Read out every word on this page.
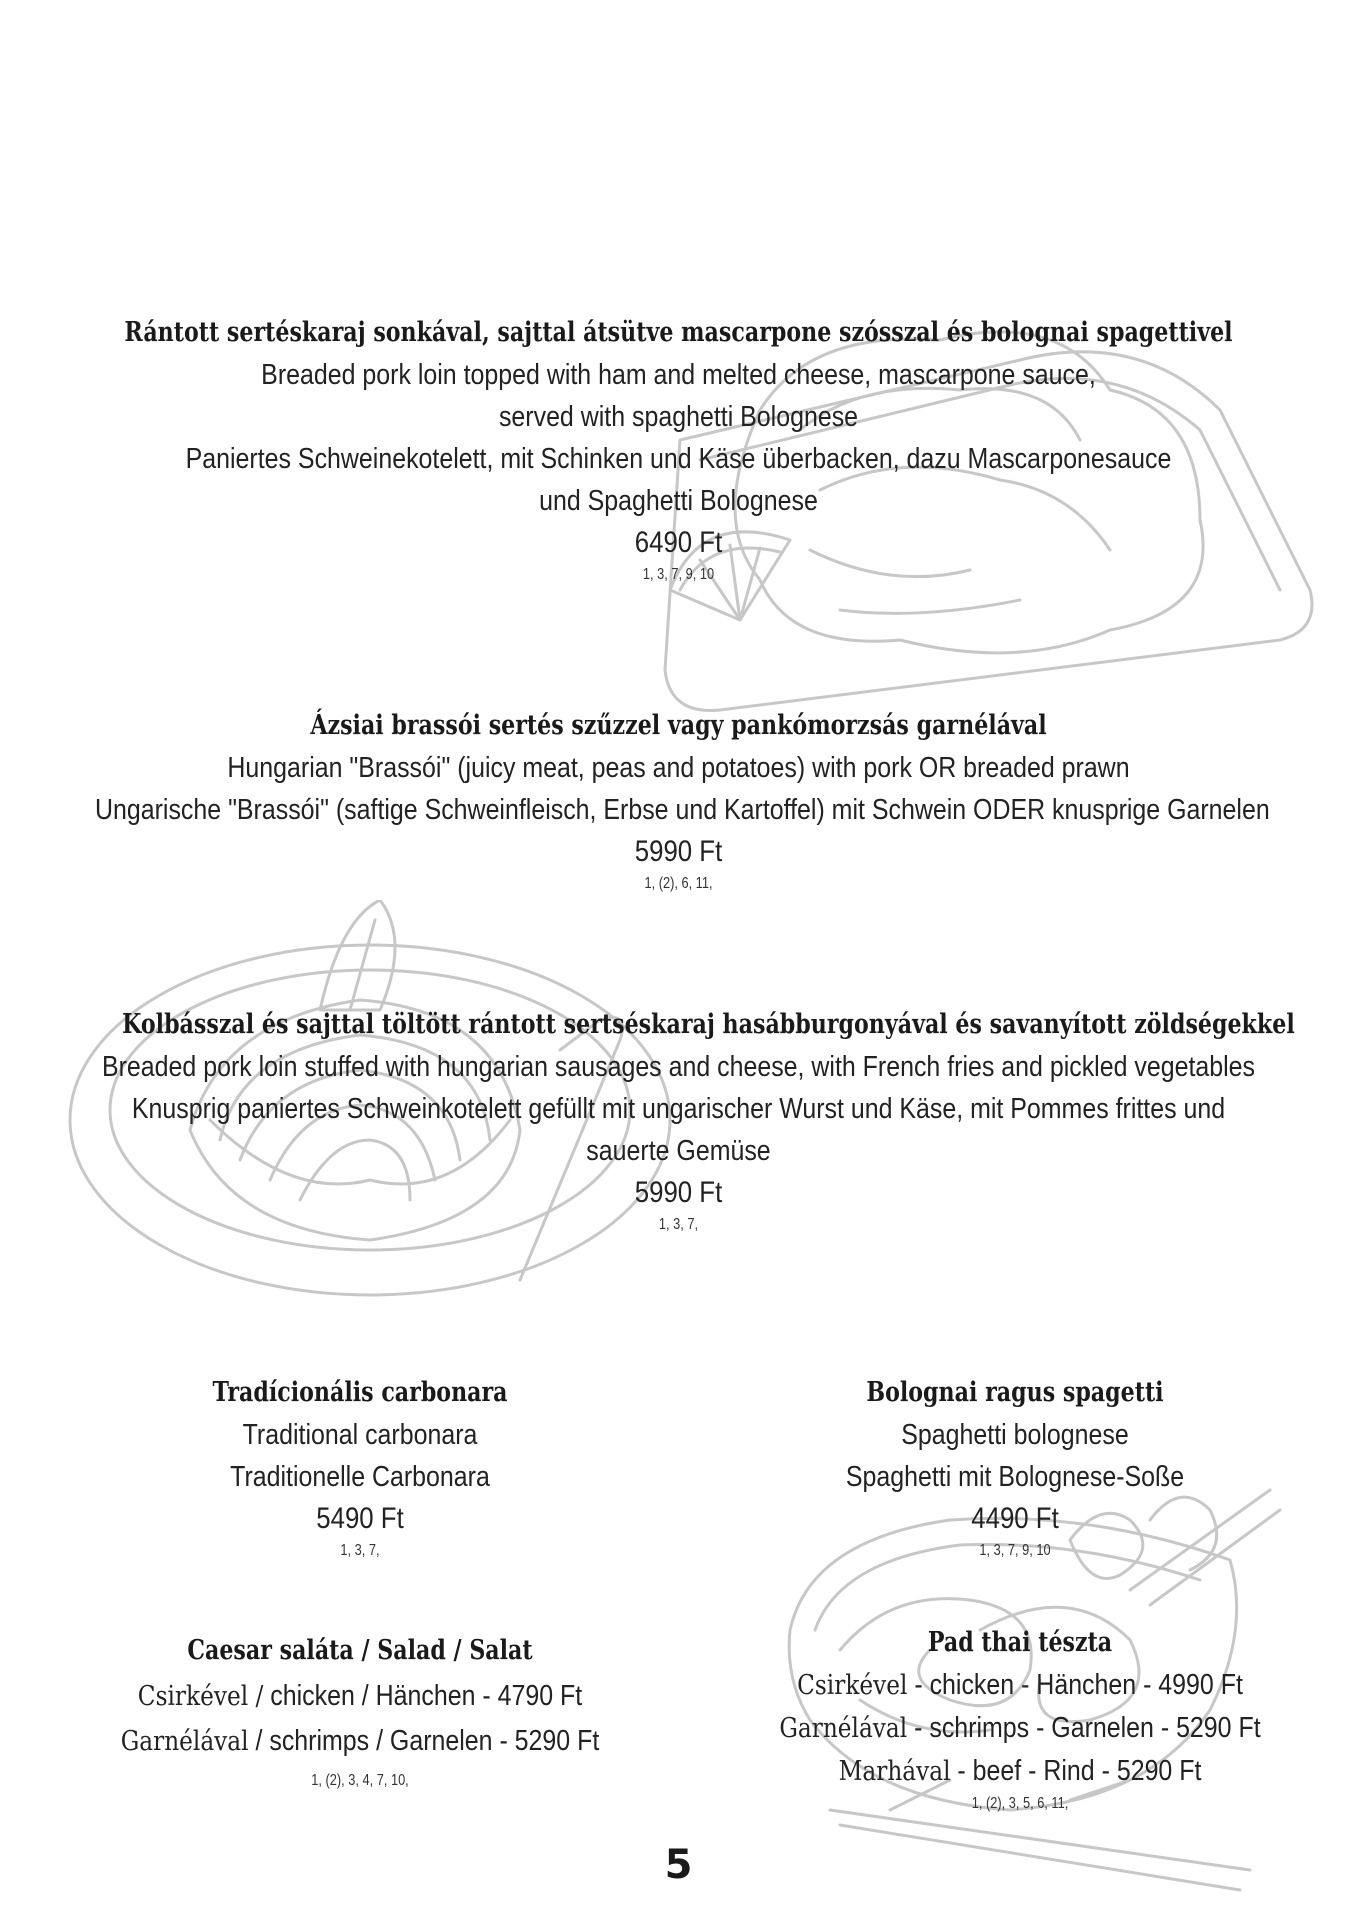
Rántott sertéskaraj sonkával, sajttal átsütve mascarpone szósszal és bolognai spagettivel
Breaded pork loin topped with ham and melted cheese, mascarpone sauce,
served with spaghetti Bolognese
Paniertes Schweinekotelett, mit Schinken und Käse überbacken, dazu Mascarponesauce
und Spaghetti Bolognese
6490 Ft
1, 3, 7, 9, 10
Ázsiai brassói sertés szűzzel vagy pankómorzsás garnélával
Hungarian "Brassói" (juicy meat, peas and potatoes) with pork OR breaded prawn
Ungarische "Brassói" (saftige Schweinfleisch, Erbse und Kartoffel) mit Schwein ODER knusprige Garnelen
5990 Ft
1, (2), 6, 11,
Kolbásszal és sajttal töltött rántott sertséskaraj hasábburgonyával és savanyított zöldségekkel
Breaded pork loin stuffed with hungarian sausages and cheese, with French fries and pickled vegetables
Knusprig paniertes Schweinkotelett gefüllt mit ungarischer Wurst und Käse, mit Pommes frittes und
sauerte Gemüse
5990 Ft
1, 3, 7,
Tradícionális carbonara
Traditional carbonara
Traditionelle Carbonara
5490 Ft
1, 3, 7,
Bolognai ragus spagetti
Spaghetti bolognese
Spaghetti mit Bolognese-Soße
4490 Ft
1, 3, 7, 9, 10
Caesar saláta / Salad / Salat
Csirkével / chicken / Hänchen - 4790 Ft
Garnélával / schrimps / Garnelen - 5290 Ft
1, (2), 3, 4, 7, 10,
Pad thai tészta
Csirkével - chicken - Hänchen - 4990 Ft
Garnélával - schrimps - Garnelen - 5290 Ft
Marhával - beef - Rind - 5290 Ft
1, (2), 3, 5, 6, 11,
5
